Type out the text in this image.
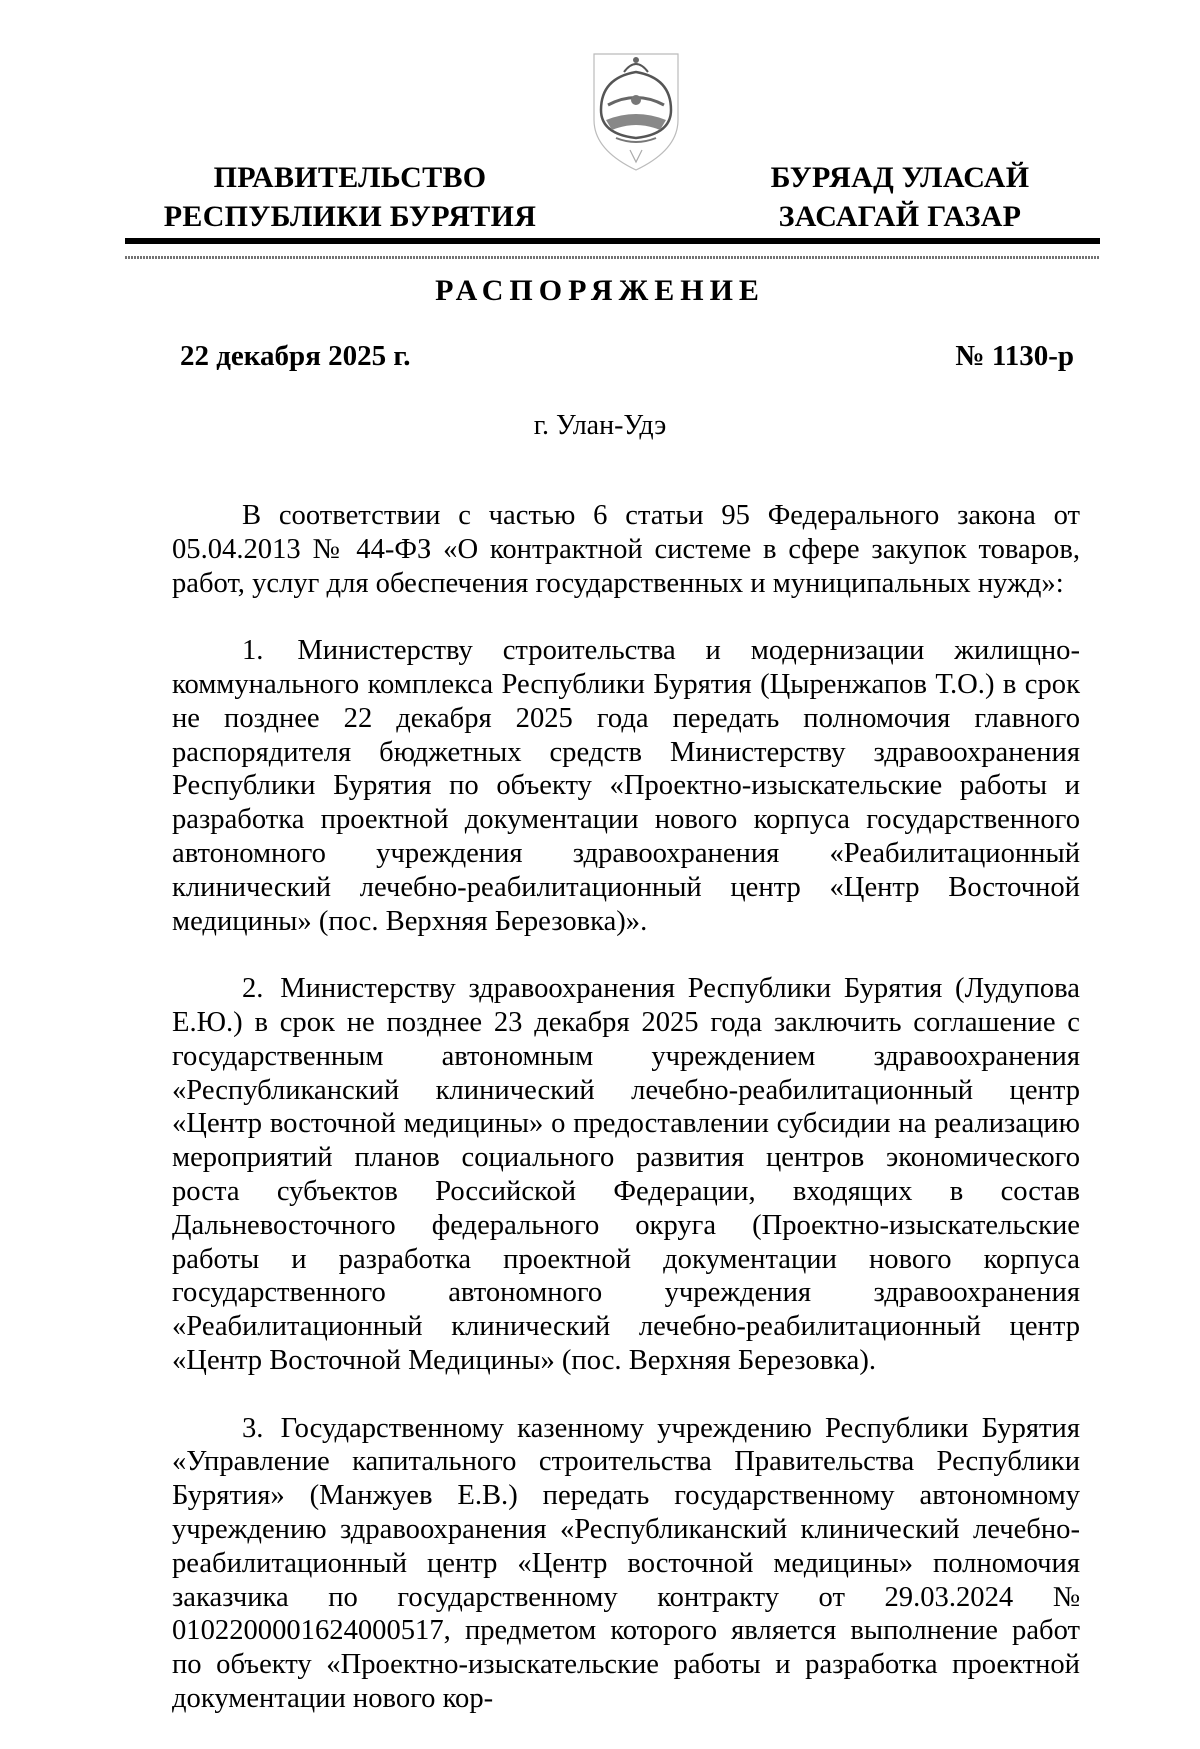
ПРАВИТЕЛЬСТВО
РЕСПУБЛИКИ БУРЯТИЯ
БУРЯАД УЛАСАЙ
ЗАСАГАЙ ГАЗАР
РАСПОРЯЖЕНИЕ
22 декабря 2025 г.	№ 1130-р
г. Улан-Удэ

В соответствии с частью 6 статьи 95 Федерального закона от 05.04.2013 № 44-ФЗ «О контрактной системе в сфере закупок товаров, работ, услуг для обеспечения государственных и муниципальных нужд»:

1. Министерству строительства и модернизации жилищно-коммунального комплекса Республики Бурятия (Цыренжапов Т.О.) в срок не позднее 22 декабря 2025 года передать полномочия главного распорядителя бюджетных средств Министерству здравоохранения Республики Бурятия по объекту «Проектно-изыскательские работы и разработка проектной документации нового корпуса государственного автономного учреждения здравоохранения «Реабилитационный клинический лечебно-реабилитационный центр «Центр Восточной медицины» (пос. Верхняя Березовка)».

2. Министерству здравоохранения Республики Бурятия (Лудупова Е.Ю.) в срок не позднее 23 декабря 2025 года заключить соглашение с государственным автономным учреждением здравоохранения «Республиканский клинический лечебно-реабилитационный центр «Центр восточной медицины» о предоставлении субсидии на реализацию мероприятий планов социального развития центров экономического роста субъектов Российской Федерации, входящих в состав Дальневосточного федерального округа (Проектно-изыскательские работы и разработка проектной документации нового корпуса государственного автономного учреждения здравоохранения «Реабилитационный клинический лечебно-реабилитационный центр «Центр Восточной Медицины» (пос. Верхняя Березовка).

3. Государственному казенному учреждению Республики Бурятия «Управление капитального строительства Правительства Республики Бурятия» (Манжуев Е.В.) передать государственному автономному учреждению здравоохранения «Республиканский клинический лечебно-реабилитационный центр «Центр восточной медицины» полномочия заказчика по государственному контракту от 29.03.2024 № 0102200001624000517, предметом которого является выполнение работ по объекту «Проектно-изыскательские работы и разработка проектной документации нового кор-
